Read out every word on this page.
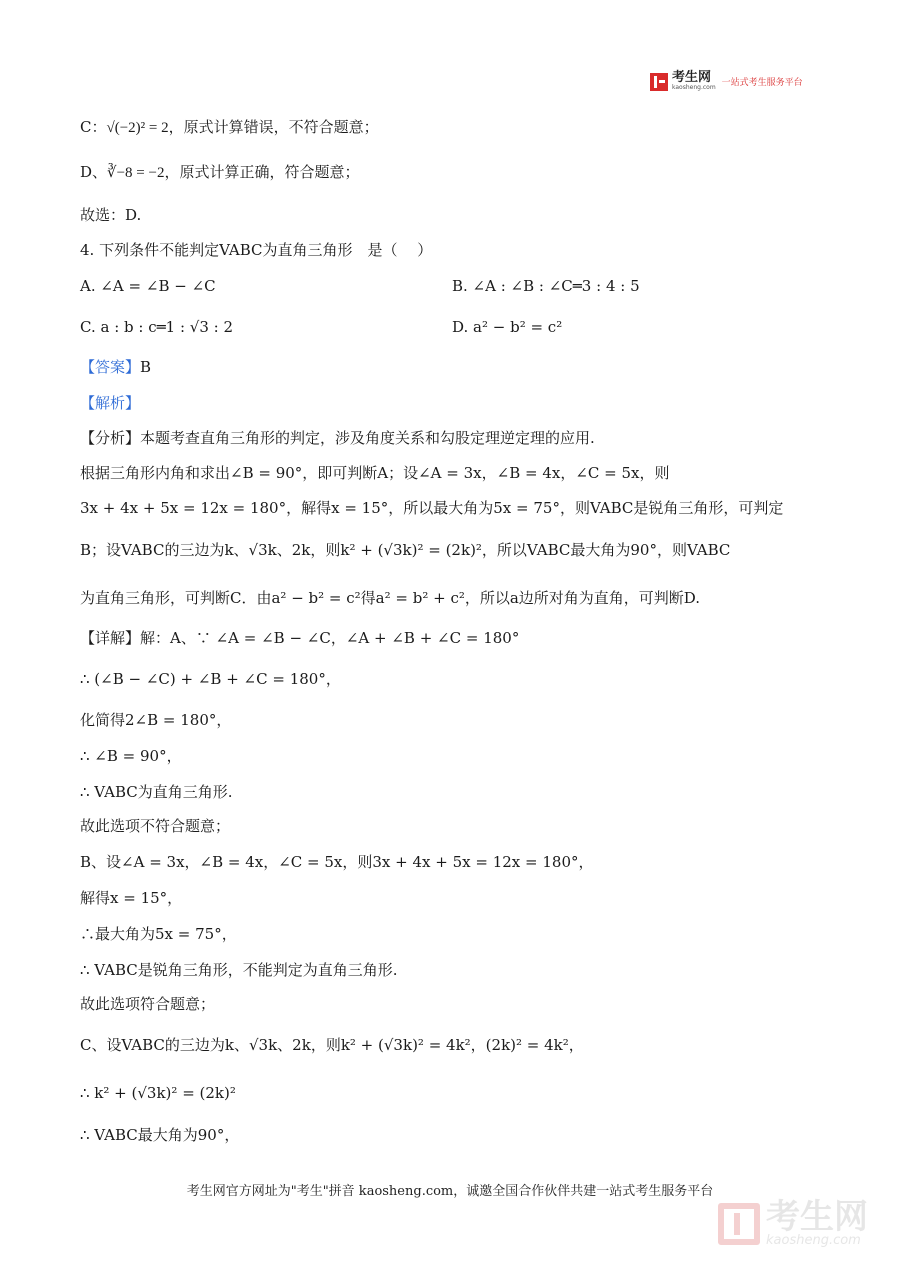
考生网
kaosheng.com 一站式考生服务平台
C：√(−2)² = 2，原式计算错误，不符合题意；
D、∛−8 = −2，原式计算正确，符合题意；
故选：D.
4. 下列条件不能判定VABC为直角三角形　是（　 ）
A. ∠A = ∠B − ∠C	B. ∠A : ∠B : ∠C═3 : 4 : 5
C. a : b : c═1 : √3 : 2	D. a² − b² = c²
【答案】B
【解析】
【分析】本题考查直角三角形的判定，涉及角度关系和勾股定理逆定理的应用.
根据三角形内角和求出∠B = 90°，即可判断A；设∠A = 3x，∠B = 4x，∠C = 5x，则
3x + 4x + 5x = 12x = 180°，解得x = 15°，所以最大角为5x = 75°，则VABC是锐角三角形，可判定
B；设VABC的三边为k、√3k、2k，则k² + (√3k)² = (2k)²，所以VABC最大角为90°，则VABC
为直角三角形，可判断C．由a² − b² = c²得a² = b² + c²，所以a边所对角为直角，可判断D.
【详解】解：A、∵ ∠A = ∠B − ∠C，∠A + ∠B + ∠C = 180°
∴ (∠B − ∠C) + ∠B + ∠C = 180°，
化简得2∠B = 180°，
∴ ∠B = 90°，
∴ VABC为直角三角形.
故此选项不符合题意；
B、设∠A = 3x，∠B = 4x，∠C = 5x，则3x + 4x + 5x = 12x = 180°，
解得x = 15°，
∴最大角为5x = 75°，
∴ VABC是锐角三角形，不能判定为直角三角形.
故此选项符合题意；
C、设VABC的三边为k、√3k、2k，则k² + (√3k)² = 4k²，(2k)² = 4k²，
∴ k² + (√3k)² = (2k)²
∴ VABC最大角为90°，
考生网官方网址为"考生"拼音 kaosheng.com，诚邀全国合作伙伴共建一站式考生服务平台
考生网
kaosheng.com
